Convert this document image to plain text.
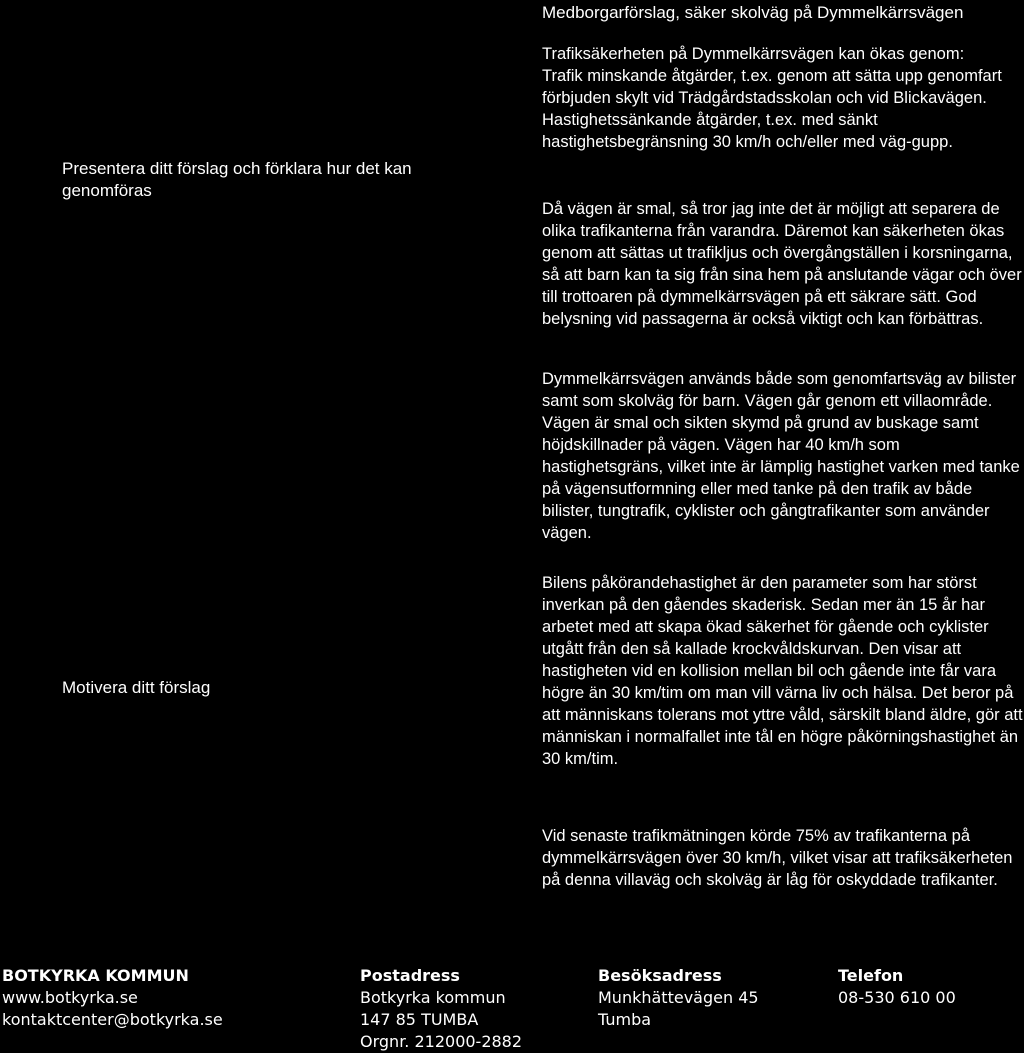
Medborgarförslag, säker skolväg på Dymmelkärrsvägen
Presentera ditt förslag och förklara hur det kan genomföras
Motivera ditt förslag

Trafiksäkerheten på Dymmelkärrsvägen kan ökas genom:

Trafik minskande åtgärder, t.ex. genom att sätta upp genomfart förbjuden skylt vid Trädgårdstadsskolan och vid Blickavägen.

Hastighetssänkande åtgärder, t.ex. med sänkt hastighetsbegränsning 30 km/h och/eller med väg-gupp.

Då vägen är smal, så tror jag inte det är möjligt att separera de olika trafikanterna från varandra. Däremot kan säkerheten ökas genom att sättas ut trafikljus och övergångställen i korsningarna, så att barn kan ta sig från sina hem på anslutande vägar och över till trottoaren på dymmelkärrsvägen på ett säkrare sätt. God belysning vid passagerna är också viktigt och kan förbättras.

Dymmelkärrsvägen används både som genomfartsväg av bilister samt som skolväg för barn. Vägen går genom ett villaområde. Vägen är smal och sikten skymd på grund av buskage samt höjdskillnader på vägen. Vägen har 40 km/h som hastighetsgräns, vilket inte är lämplig hastighet varken med tanke på vägensutformning eller med tanke på den trafik av både bilister, tungtrafik, cyklister och gångtrafikanter som använder vägen.

Bilens påkörandehastighet är den parameter som har störst inverkan på den gåendes skaderisk. Sedan mer än 15 år har arbetet med att skapa ökad säkerhet för gående och cyklister utgått från den så kallade krockvåldskurvan. Den visar att hastigheten vid en kollision mellan bil och gående inte får vara högre än 30 km/tim om man vill värna liv och hälsa. Det beror på att människans tolerans mot yttre våld, särskilt bland äldre, gör att människan i normalfallet inte tål en högre påkörningshastighet än 30 km/tim.

Vid senaste trafikmätningen körde 75% av trafikanterna på dymmelkärrsvägen över 30 km/h, vilket visar att trafiksäkerheten på denna villaväg och skolväg är låg för oskyddade trafikanter.

BOTKYRKA KOMMUN
www.botkyrka.se
kontaktcenter@botkyrka.se
Postadress
Botkyrka kommun
147 85 TUMBA
Orgnr. 212000-2882
Besöksadress
Munkhättevägen 45
Tumba
Telefon
08-530 610 00
